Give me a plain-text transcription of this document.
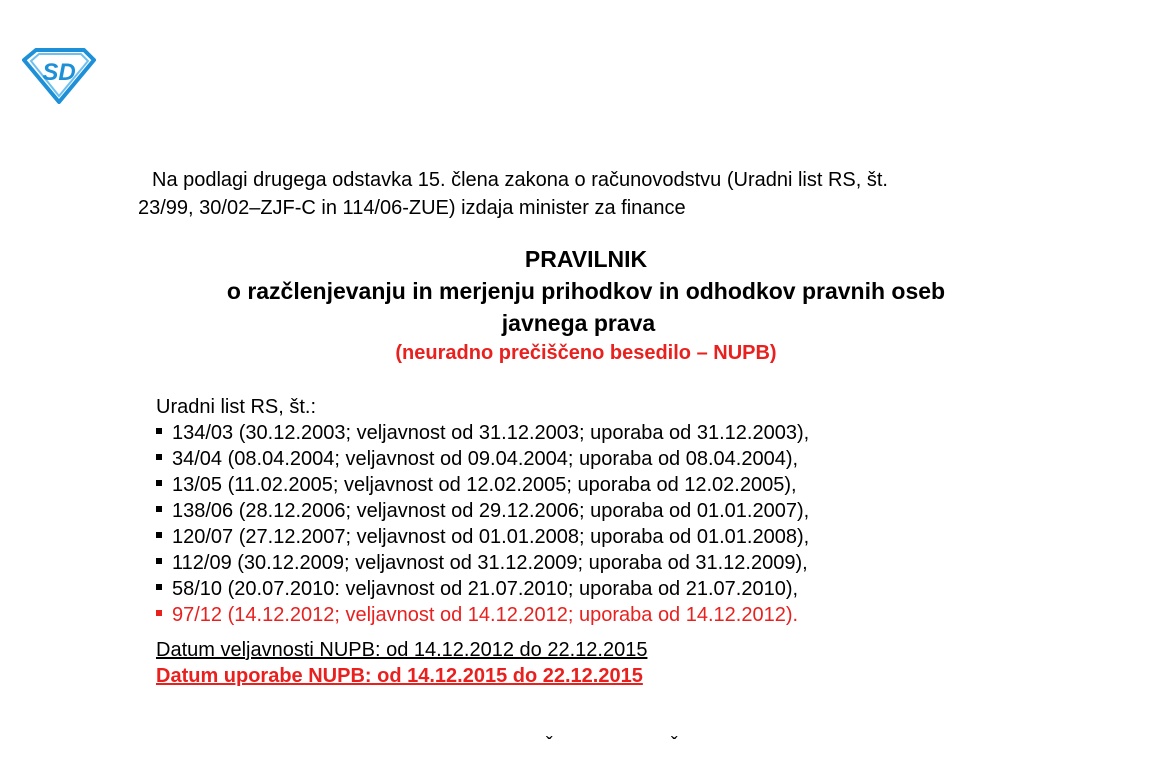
SD
Na podlagi drugega odstavka 15. člena zakona o računovodstvu (Uradni list RS, št.
23/99, 30/02–ZJF-C in 114/06-ZUE) izdaja minister za finance
PRAVILNIK
o razčlenjevanju in merjenju prihodkov in odhodkov pravnih oseb
javnega prava
(neuradno prečiščeno besedilo – NUPB)
Uradni list RS, št.:
134/03 (30.12.2003; veljavnost od 31.12.2003; uporaba od 31.12.2003),
34/04 (08.04.2004; veljavnost od 09.04.2004; uporaba od 08.04.2004),
13/05 (11.02.2005; veljavnost od 12.02.2005; uporaba od 12.02.2005),
138/06 (28.12.2006; veljavnost od 29.12.2006; uporaba od 01.01.2007),
120/07 (27.12.2007; veljavnost od 01.01.2008; uporaba od 01.01.2008),
112/09 (30.12.2009; veljavnost od 31.12.2009; uporaba od 31.12.2009),
58/10 (20.07.2010: veljavnost od 21.07.2010; uporaba od 21.07.2010),
97/12 (14.12.2012; veljavnost od 14.12.2012; uporaba od 14.12.2012).
Datum veljavnosti NUPB: od 14.12.2012 do 22.12.2015
Datum uporabe NUPB: od 14.12.2015 do 22.12.2015
ˇ	ˇ
